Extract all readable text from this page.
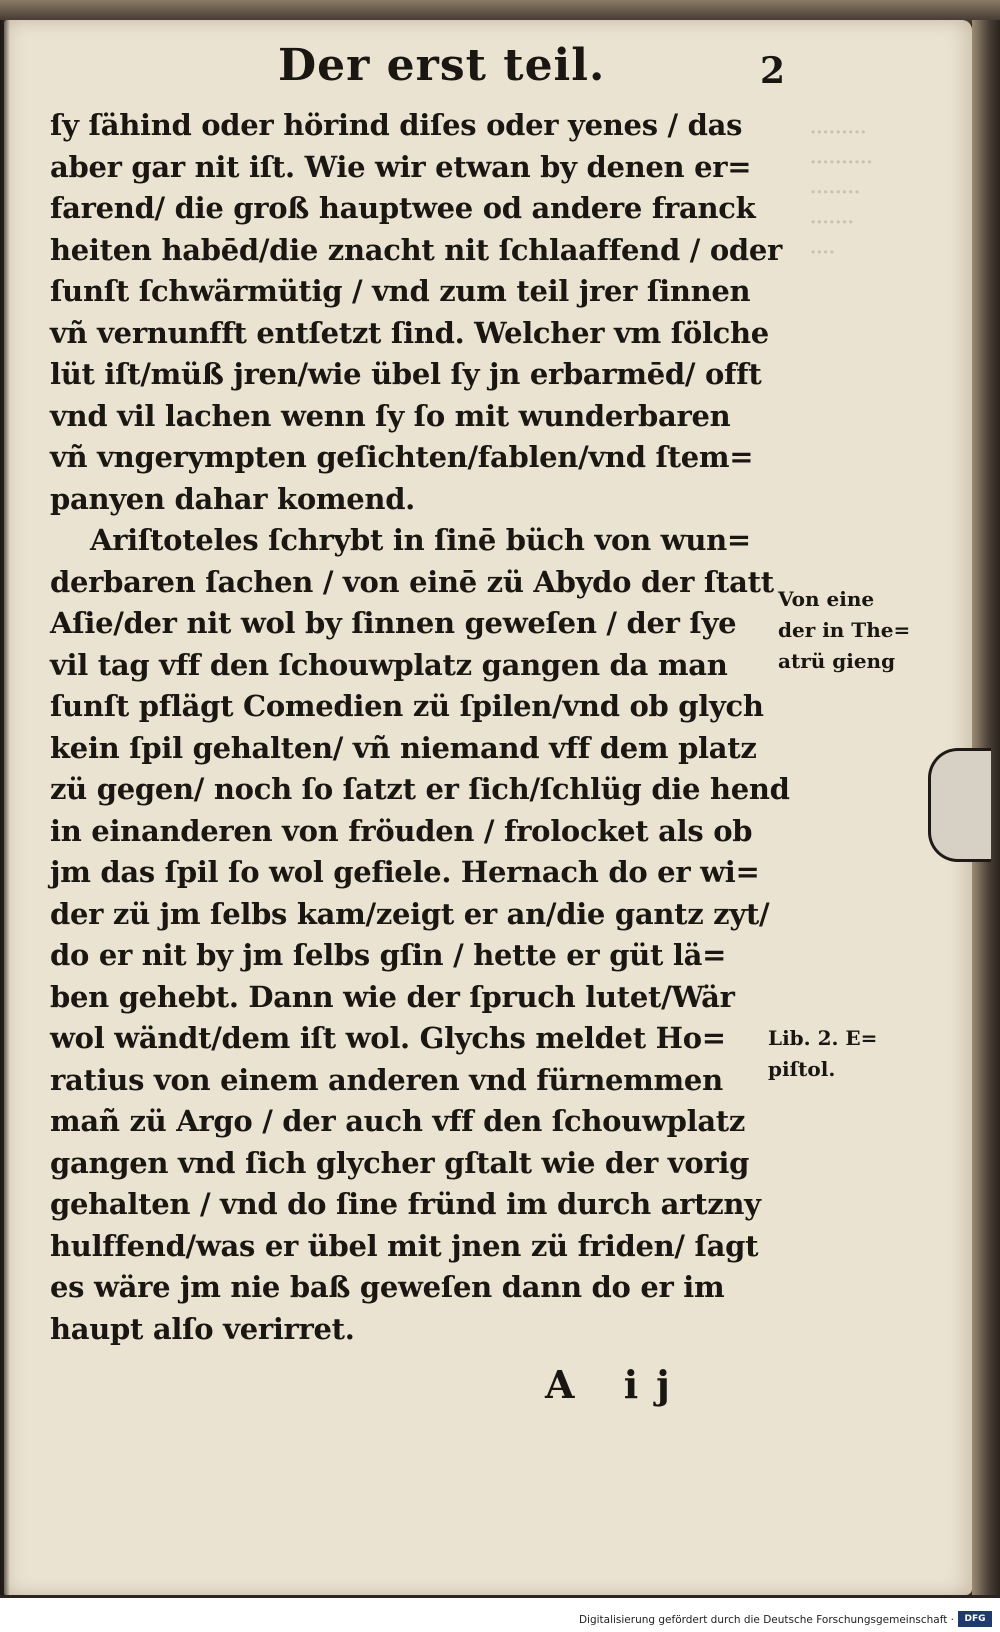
·········
··········
········
·······
····
Der erst teil.	2
ſy ſähind oder hörind diſes oder yenes / das
aber gar nit iſt. Wie wir etwan by denen er=
farend/ die groß hauptwee od andere franck
heiten habēd/die znacht nit ſchlaaffend / oder
ſunſt ſchwärmütig / vnd zum teil jrer ſinnen
vñ vernunfft entſetzt ſind. Welcher vm ſölche
lüt iſt/müß jren/wie übel ſy jn erbarmēd/ offt
vnd vil lachen wenn ſy ſo mit wunderbaren
vñ vngerympten geſichten/fablen/vnd ſtem=
panyen dahar komend.
Ariſtoteles ſchrybt in ſinē büch von wun=
derbaren ſachen / von einē zü Abydo der ſtatt
Aſie/der nit wol by ſinnen geweſen / der ſye
vil tag vff den ſchouwplatz gangen da man
ſunſt pflägt Comedien zü ſpilen/vnd ob glych
kein ſpil gehalten/ vñ niemand vff dem platz
zü gegen/ noch ſo ſatzt er ſich/ſchlüg die hend
in einanderen von fröuden / frolocket als ob
jm das ſpil ſo wol gefiele. Hernach do er wi=
der zü jm ſelbs kam/zeigt er an/die gantz zyt/
do er nit by jm ſelbs gſin / hette er güt lä=
ben gehebt. Dann wie der ſpruch lutet/Wär
wol wändt/dem iſt wol. Glychs meldet Ho=
ratius von einem anderen vnd fürnemmen
mañ zü Argo / der auch vff den ſchouwplatz
gangen vnd ſich glycher gſtalt wie der vorig
gehalten / vnd do ſine fründ im durch artzny
hulffend/was er übel mit jnen zü friden/ ſagt
es wäre jm nie baß geweſen dann do er im
haupt alſo verirret.
Von eine
der in The=
atrü gieng
Lib. 2. E=
piſtol.
A ij
Digitalisierung gefördert durch die Deutsche Forschungsgemeinschaft ·	DFG
